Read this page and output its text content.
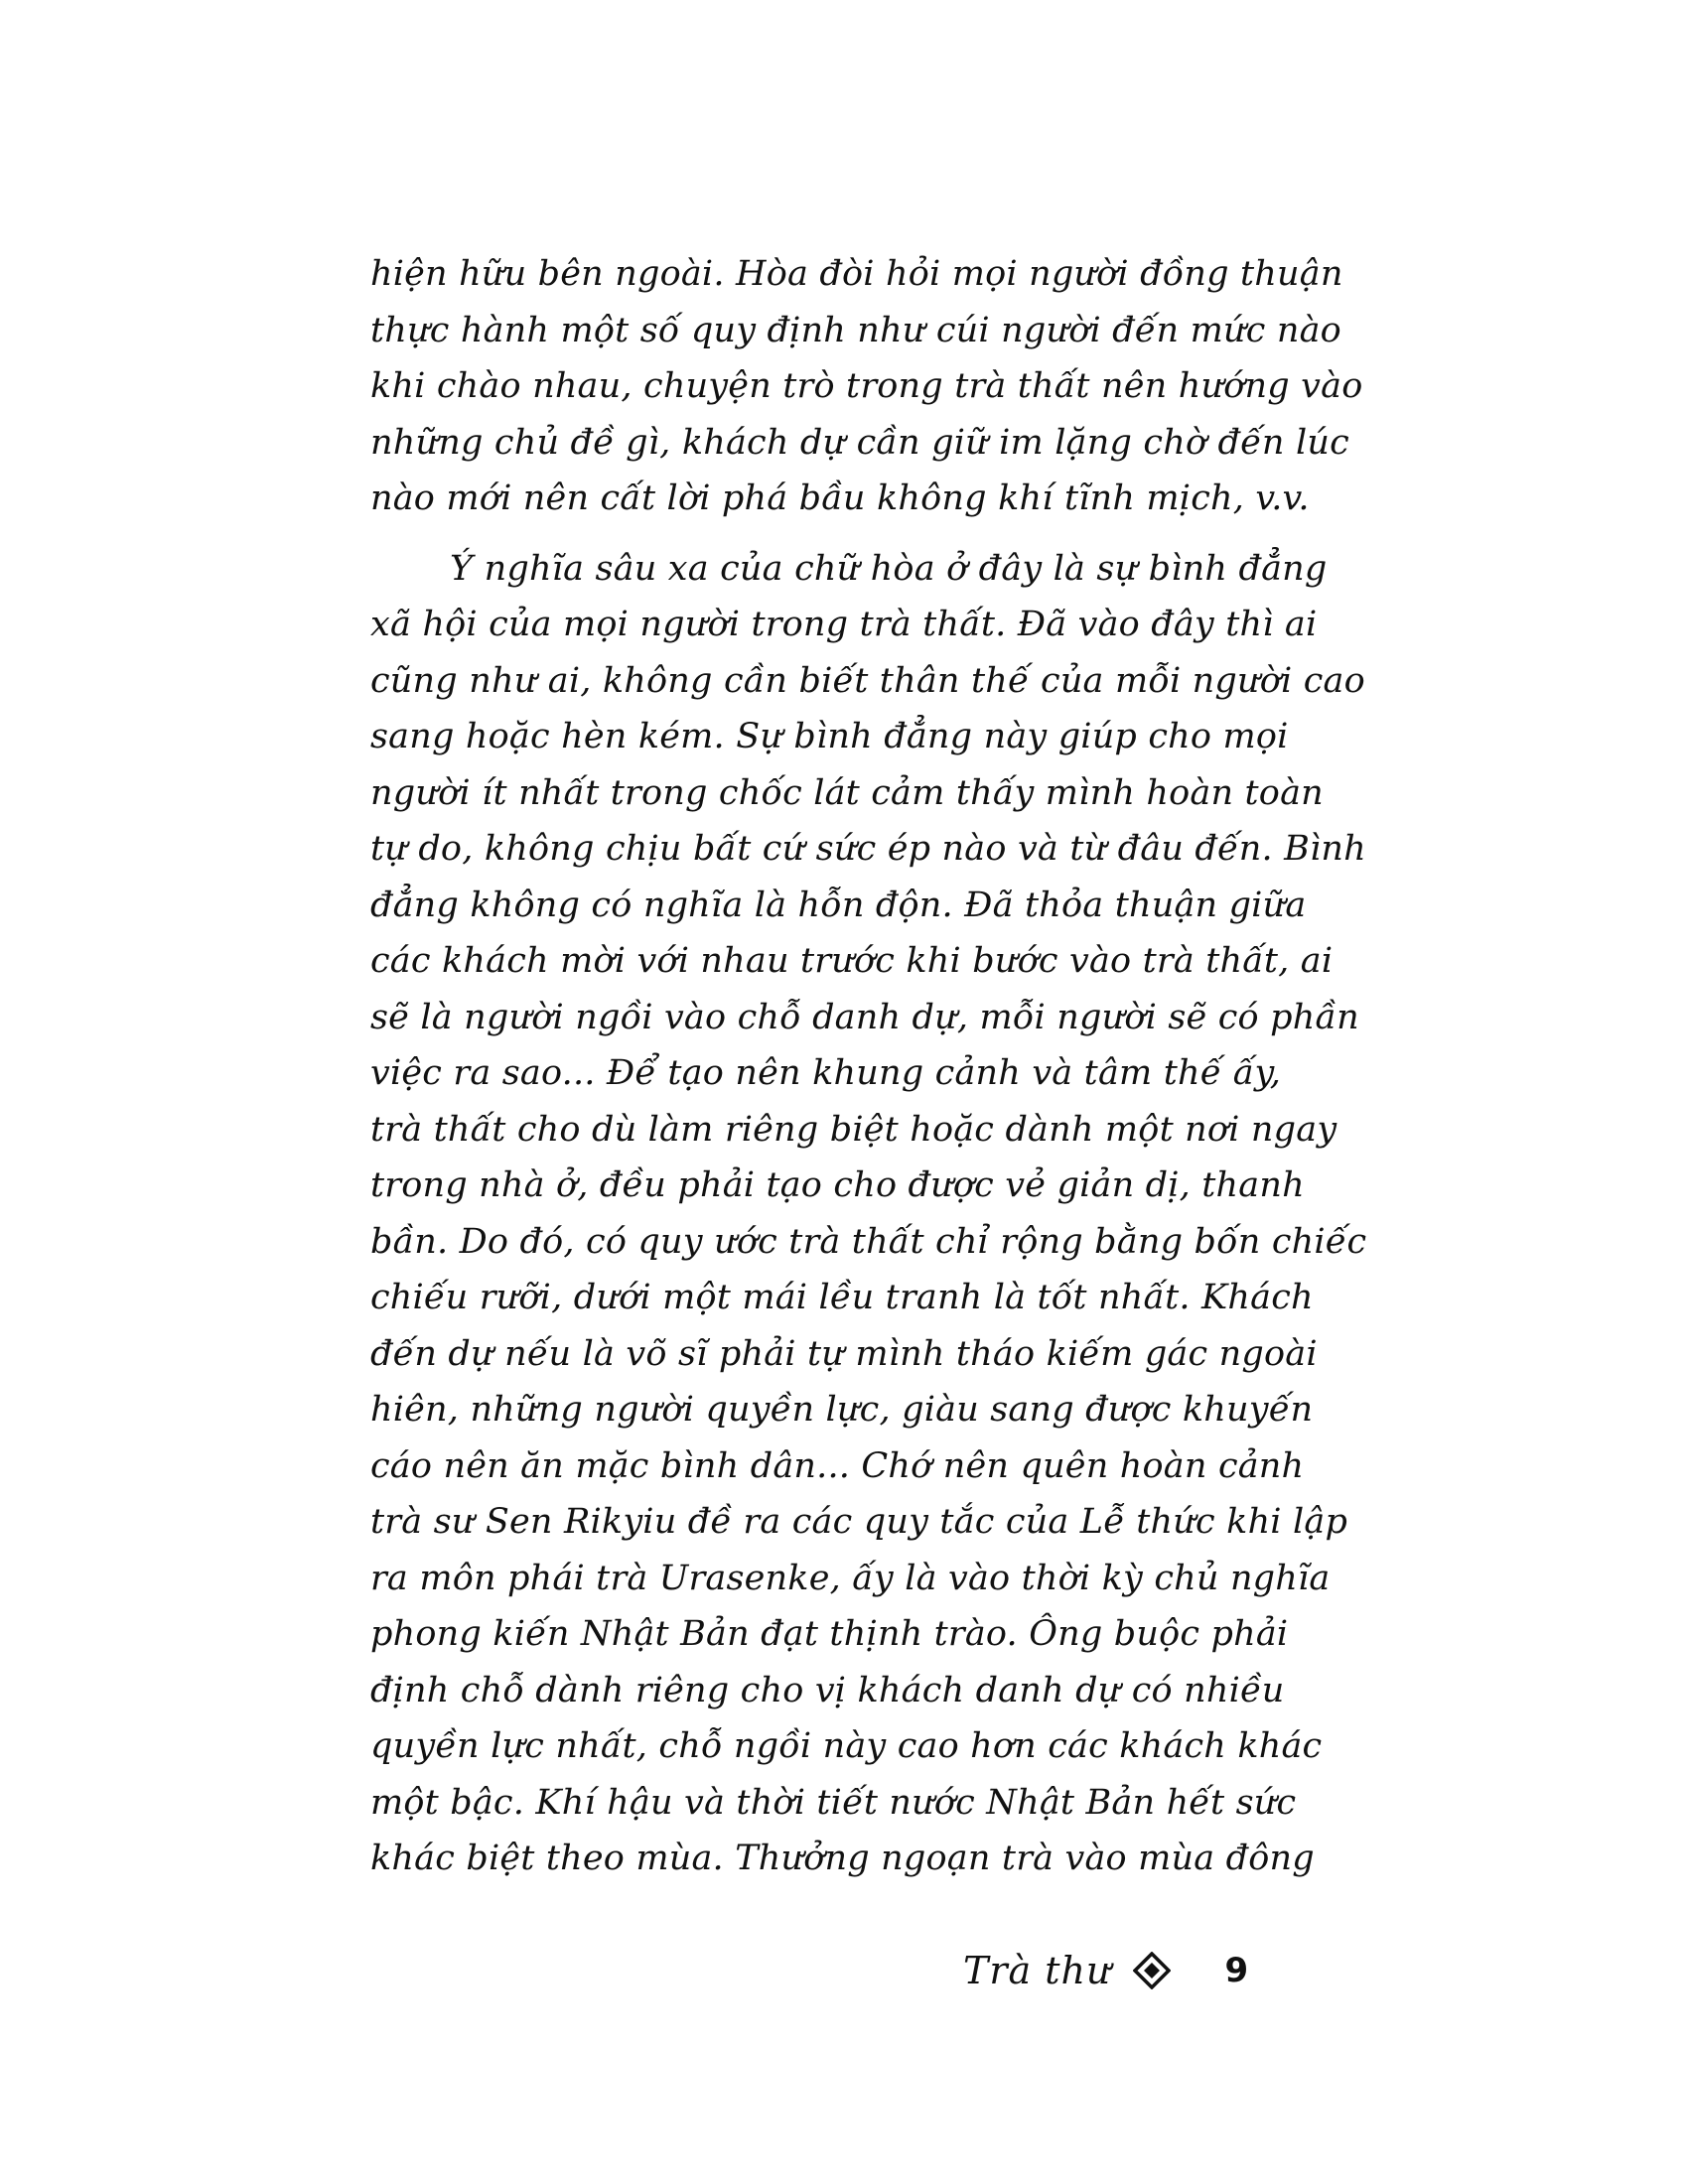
hiện hữu bên ngoài. Hòa đòi hỏi mọi người đồng thuận
thực hành một số quy định như cúi người đến mức nào
khi chào nhau, chuyện trò trong trà thất nên hướng vào
những chủ đề gì, khách dự cần giữ im lặng chờ đến lúc
nào mới nên cất lời phá bầu không khí tĩnh mịch, v.v.
Ý nghĩa sâu xa của chữ hòa ở đây là sự bình đẳng
xã hội của mọi người trong trà thất. Đã vào đây thì ai
cũng như ai, không cần biết thân thế của mỗi người cao
sang hoặc hèn kém. Sự bình đẳng này giúp cho mọi
người ít nhất trong chốc lát cảm thấy mình hoàn toàn
tự do, không chịu bất cứ sức ép nào và từ đâu đến. Bình
đẳng không có nghĩa là hỗn độn. Đã thỏa thuận giữa
các khách mời với nhau trước khi bước vào trà thất, ai
sẽ là người ngồi vào chỗ danh dự, mỗi người sẽ có phần
việc ra sao... Để tạo nên khung cảnh và tâm thế ấy,
trà thất cho dù làm riêng biệt hoặc dành một nơi ngay
trong nhà ở, đều phải tạo cho được vẻ giản dị, thanh
bần. Do đó, có quy ước trà thất chỉ rộng bằng bốn chiếc
chiếu rưỡi, dưới một mái lều tranh là tốt nhất. Khách
đến dự nếu là võ sĩ phải tự mình tháo kiếm gác ngoài
hiên, những người quyền lực, giàu sang được khuyến
cáo nên ăn mặc bình dân... Chớ nên quên hoàn cảnh
trà sư Sen Rikyiu đề ra các quy tắc của Lễ thức khi lập
ra môn phái trà Urasenke, ấy là vào thời kỳ chủ nghĩa
phong kiến Nhật Bản đạt thịnh trào. Ông buộc phải
định chỗ dành riêng cho vị khách danh dự có nhiều
quyền lực nhất, chỗ ngồi này cao hơn các khách khác
một bậc. Khí hậu và thời tiết nước Nhật Bản hết sức
khác biệt theo mùa. Thưởng ngoạn trà vào mùa đông
Trà thư	9
